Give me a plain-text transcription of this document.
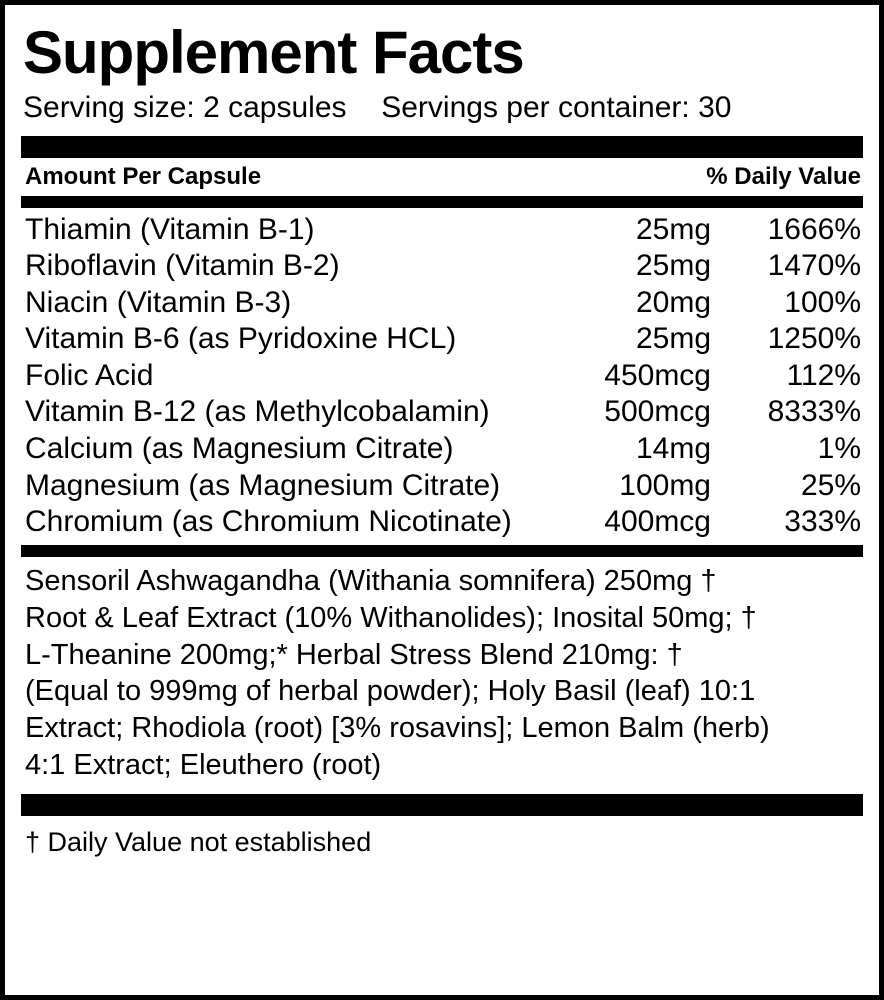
Supplement Facts
Serving size: 2 capsules Servings per container: 30
Amount Per Capsule	% Daily Value
Thiamin (Vitamin B-1)	25mg	1666%
Riboflavin (Vitamin B-2)	25mg	1470%
Niacin (Vitamin B-3)	20mg	100%
Vitamin B-6 (as Pyridoxine HCL)	25mg	1250%
Folic Acid	450mcg	112%
Vitamin B-12 (as Methylcobalamin)	500mcg	8333%
Calcium (as Magnesium Citrate)	14mg	1%
Magnesium (as Magnesium Citrate)	100mg	25%
Chromium (as Chromium Nicotinate)	400mcg	333%

Sensoril Ashwagandha (Withania somnifera) 250mg †

Root & Leaf Extract (10% Withanolides); Inosital 50mg; †

L-Theanine 200mg;* Herbal Stress Blend 210mg: †

(Equal to 999mg of herbal powder); Holy Basil (leaf) 10:1

Extract; Rhodiola (root) [3% rosavins]; Lemon Balm (herb)

4:1 Extract; Eleuthero (root)

† Daily Value not established
